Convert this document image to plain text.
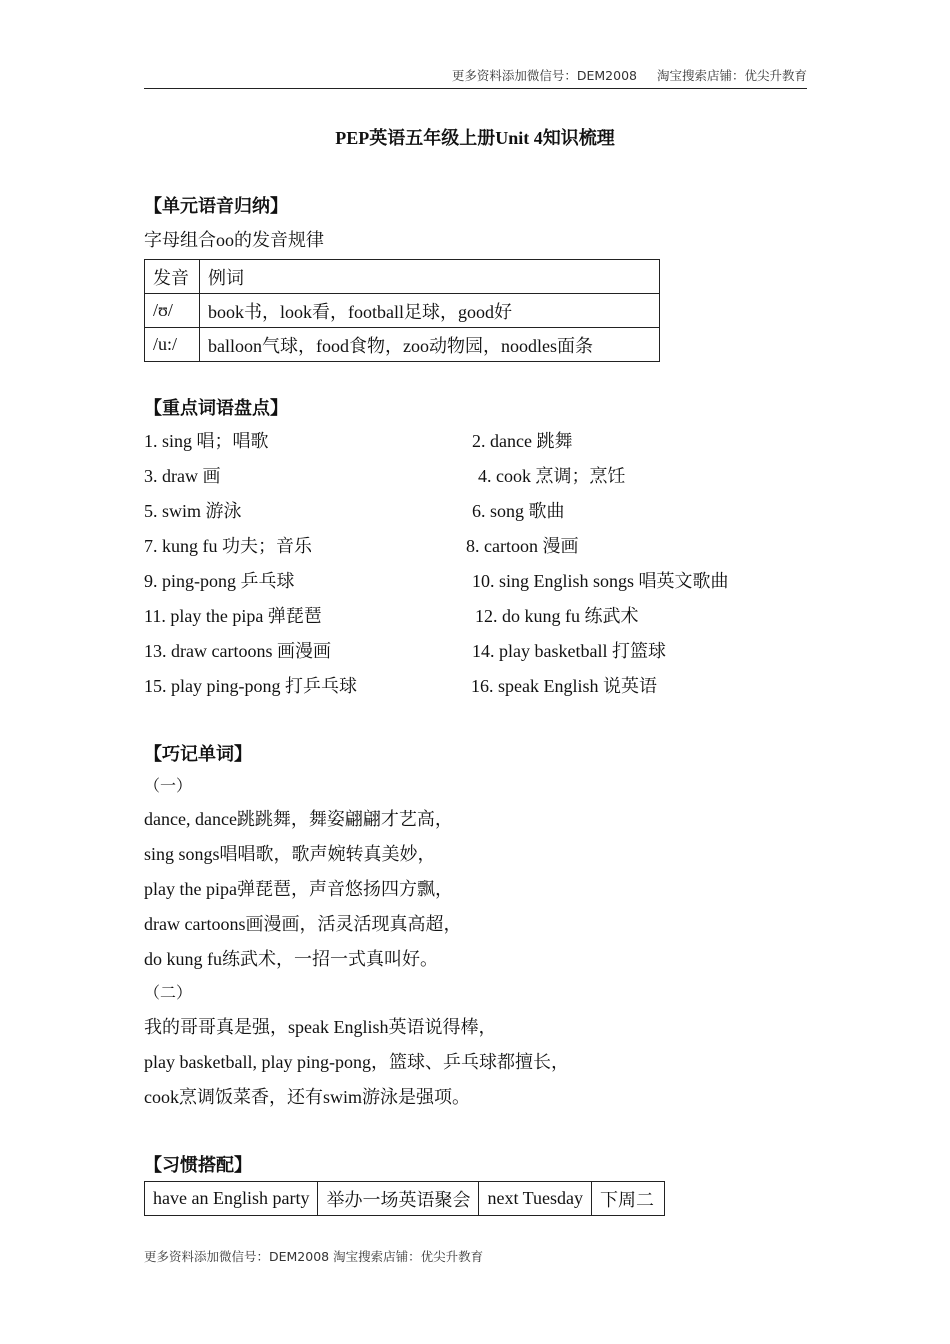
更多资料添加微信号：DEM2008 淘宝搜索店铺：优尖升教育
PEP英语五年级上册Unit 4知识梳理
【单元语音归纳】
字母组合oo的发音规律
发音	例词
/ʊ/	book书，look看，football足球，good好
/u:/	balloon气球，food食物，zoo动物园，noodles面条
【重点词语盘点】
1. sing 唱；唱歌	2. dance 跳舞
3. draw 画	4. cook 烹调；烹饪
5. swim 游泳	6. song 歌曲
7. kung fu 功夫；音乐	8. cartoon 漫画
9. ping-pong 乒乓球	10. sing English songs 唱英文歌曲
11. play the pipa 弹琵琶	12. do kung fu 练武术
13. draw cartoons 画漫画	14. play basketball 打篮球
15. play ping-pong 打乒乓球	16. speak English 说英语
【巧记单词】
（一）
dance, dance跳跳舞，舞姿翩翩才艺高，
sing songs唱唱歌，歌声婉转真美妙，
play the pipa弹琵琶，声音悠扬四方飘，
draw cartoons画漫画，活灵活现真高超，
do kung fu练武术，一招一式真叫好。
（二）
我的哥哥真是强，speak English英语说得棒，
play basketball, play ping-pong，篮球、乒乓球都擅长，
cook烹调饭菜香，还有swim游泳是强项。
【习惯搭配】
have an English party	举办一场英语聚会	next Tuesday	下周二
更多资料添加微信号：DEM2008 淘宝搜索店铺：优尖升教育
